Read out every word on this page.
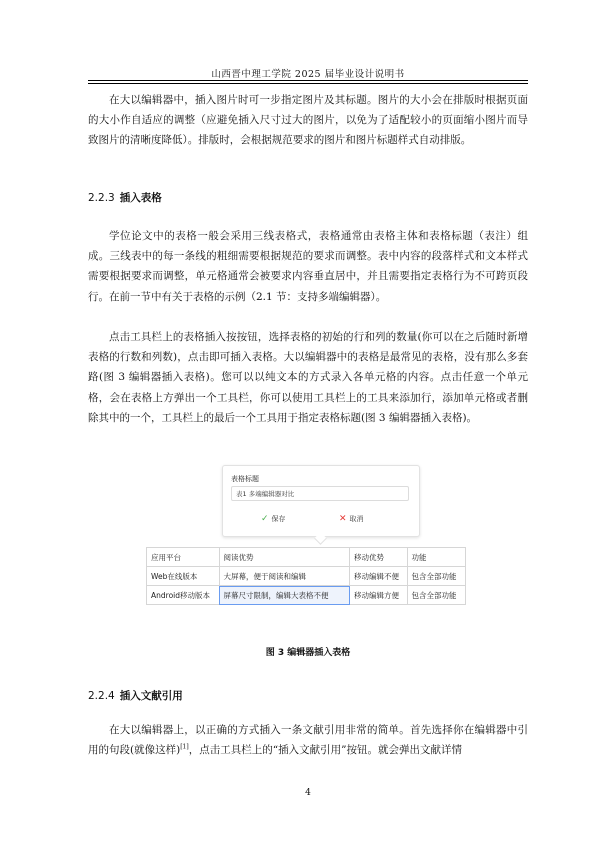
山西晋中理工学院 2025 届毕业设计说明书
在大以编辑器中，插入图片时可一步指定图片及其标题。图片的大小会在排版时根据页面的大小作自适应的调整（应避免插入尺寸过大的图片，以免为了适配较小的页面缩小图片而导致图片的清晰度降低）。排版时，会根据规范要求的图片和图片标题样式自动排版。
2.2.3 插入表格
学位论文中的表格一般会采用三线表格式，表格通常由表格主体和表格标题（表注）组成。三线表中的每一条线的粗细需要根据规范的要求而调整。表中内容的段落样式和文本样式需要根据要求而调整，单元格通常会被要求内容垂直居中，并且需要指定表格行为不可跨页段行。在前一节中有关于表格的示例（2.1 节：支持多端编辑器）。
点击工具栏上的表格插入按按钮，选择表格的初始的行和列的数量(你可以在之后随时新增表格的行数和列数)，点击即可插入表格。大以编辑器中的表格是最常见的表格，没有那么多套路(图 3 编辑器插入表格)。您可以以纯文本的方式录入各单元格的内容。点击任意一个单元格，会在表格上方弹出一个工具栏，你可以使用工具栏上的工具来添加行，添加单元格或者删除其中的一个，工具栏上的最后一个工具用于指定表格标题(图 3 编辑器插入表格)。
表格标题
表1 多端编辑器对比
✓ 保存	✕ 取消
应用平台	阅读优势	移动优势	功能
Web在线版本	大屏幕，便于阅读和编辑	移动编辑不便	包含全部功能
Android移动版本	屏幕尺寸限制，编辑大表格不便	移动编辑方便	包含全部功能
图 3 编辑器插入表格
2.2.4 插入文献引用
在大以编辑器上，以正确的方式插入一条文献引用非常的简单。首先选择你在编辑器中引用的句段(就像这样)[1]，点击工具栏上的“插入文献引用”按钮。就会弹出文献详情
4
